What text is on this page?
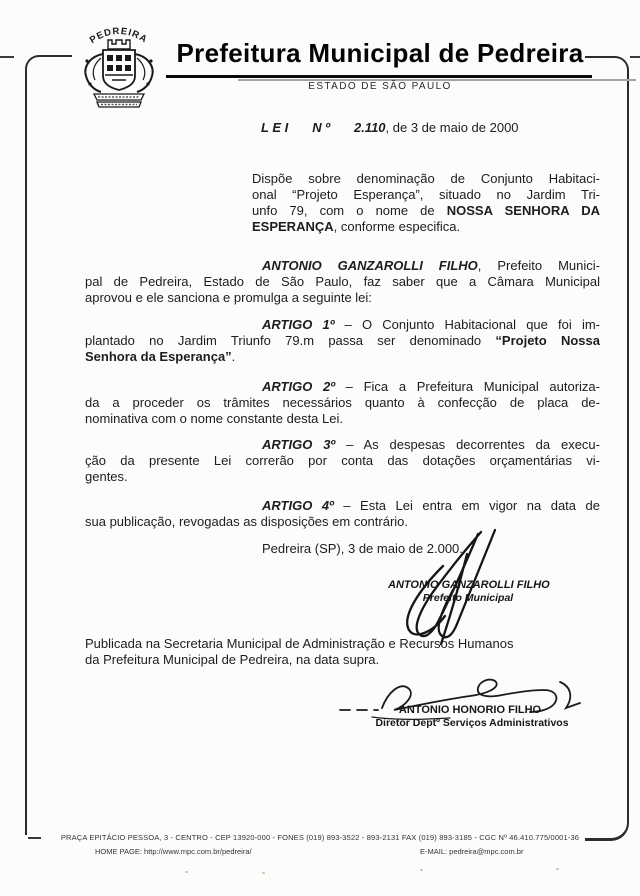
PEDREIRA	Prefeitura Municipal de Pedreira
ESTADO DE SÃO PAULO
L E I N º 2.110, de 3 de maio de 2000
Dispõe sobre denominação de Conjunto Habitaci-
onal “Projeto Esperança”, situado no Jardim Tri-
unfo 79, com o nome de NOSSA SENHORA DA
ESPERANÇA, conforme especifica.
ANTONIO GANZAROLLI FILHO, Prefeito Munici-
pal de Pedreira, Estado de São Paulo, faz saber que a Câmara Municipal
aprovou e ele sanciona e promulga a seguinte lei:
ARTIGO 1º – O Conjunto Habitacional que foi im-
plantado no Jardim Triunfo 79.m passa ser denominado “Projeto Nossa
Senhora da Esperança”.
ARTIGO 2º – Fica a Prefeitura Municipal autoriza-
da a proceder os trâmites necessários quanto à confecção de placa de-
nominativa com o nome constante desta Lei.
ARTIGO 3º – As despesas decorrentes da execu-
ção da presente Lei correrão por conta das dotações orçamentárias vi-
gentes.
ARTIGO 4º – Esta Lei entra em vigor na data de
sua publicação, revogadas as disposições em contrário.
Pedreira (SP), 3 de maio de 2.000.
ANTONIO GANZAROLLI FILHO
Prefeito Municipal
Publicada na Secretaria Municipal de Administração e Recursos Humanos
da Prefeitura Municipal de Pedreira, na data supra.
ANTONIO HONORIO FILHO
Diretor Deptº Serviços Administrativos
PRAÇA EPITÁCIO PESSOA, 3 - CENTRO - CEP 13920-000 - FONES (019) 893-3522 - 893-2131 FAX (019) 893-3185 - CGC Nº 46.410.775/0001-36
HOME PAGE: http://www.mpc.com.br/pedreira/	E-MAIL: pedreira@mpc.com.br
